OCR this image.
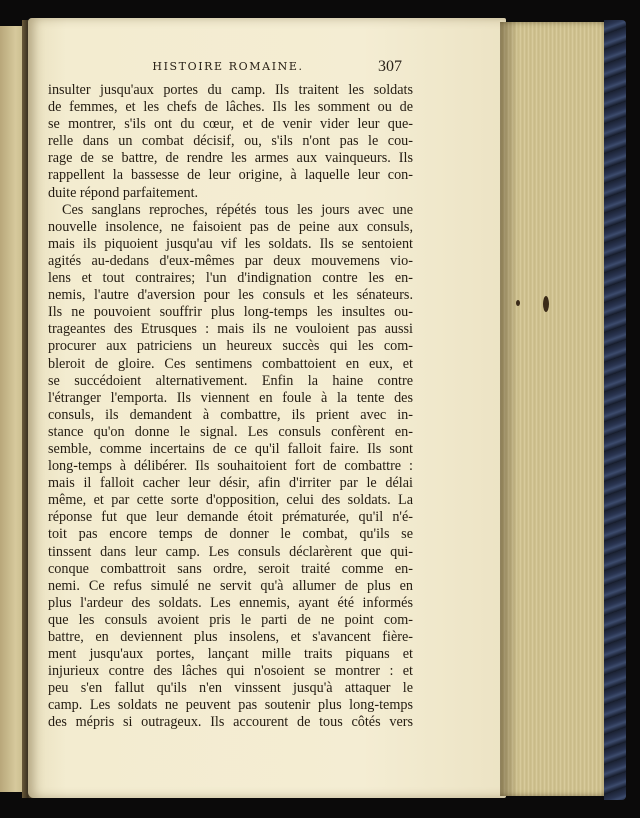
HISTOIRE ROMAINE.	307
insulter jusqu'aux portes du camp. Ils traitent les soldats
de femmes, et les chefs de lâches. Ils les somment ou de
se montrer, s'ils ont du cœur, et de venir vider leur que-
relle dans un combat décisif, ou, s'ils n'ont pas le cou-
rage de se battre, de rendre les armes aux vainqueurs. Ils
rappellent la bassesse de leur origine, à laquelle leur con-
duite répond parfaitement.
Ces sanglans reproches, répétés tous les jours avec une
nouvelle insolence, ne faisoient pas de peine aux consuls,
mais ils piquoient jusqu'au vif les soldats. Ils se sentoient
agités au-dedans d'eux-mêmes par deux mouvemens vio-
lens et tout contraires; l'un d'indignation contre les en-
nemis, l'autre d'aversion pour les consuls et les sénateurs.
Ils ne pouvoient souffrir plus long-temps les insultes ou-
trageantes des Etrusques : mais ils ne vouloient pas aussi
procurer aux patriciens un heureux succès qui les com-
bleroit de gloire. Ces sentimens combattoient en eux, et
se succédoient alternativement. Enfin la haine contre
l'étranger l'emporta. Ils viennent en foule à la tente des
consuls, ils demandent à combattre, ils prient avec in-
stance qu'on donne le signal. Les consuls confèrent en-
semble, comme incertains de ce qu'il falloit faire. Ils sont
long-temps à délibérer. Ils souhaitoient fort de combattre :
mais il falloit cacher leur désir, afin d'irriter par le délai
même, et par cette sorte d'opposition, celui des soldats. La
réponse fut que leur demande étoit prématurée, qu'il n'é-
toit pas encore temps de donner le combat, qu'ils se
tinssent dans leur camp. Les consuls déclarèrent que qui-
conque combattroit sans ordre, seroit traité comme en-
nemi. Ce refus simulé ne servit qu'à allumer de plus en
plus l'ardeur des soldats. Les ennemis, ayant été informés
que les consuls avoient pris le parti de ne point com-
battre, en deviennent plus insolens, et s'avancent fière-
ment jusqu'aux portes, lançant mille traits piquans et
injurieux contre des lâches qui n'osoient se montrer : et
peu s'en fallut qu'ils n'en vinssent jusqu'à attaquer le
camp. Les soldats ne peuvent pas soutenir plus long-temps
des mépris si outrageux. Ils accourent de tous côtés vers
